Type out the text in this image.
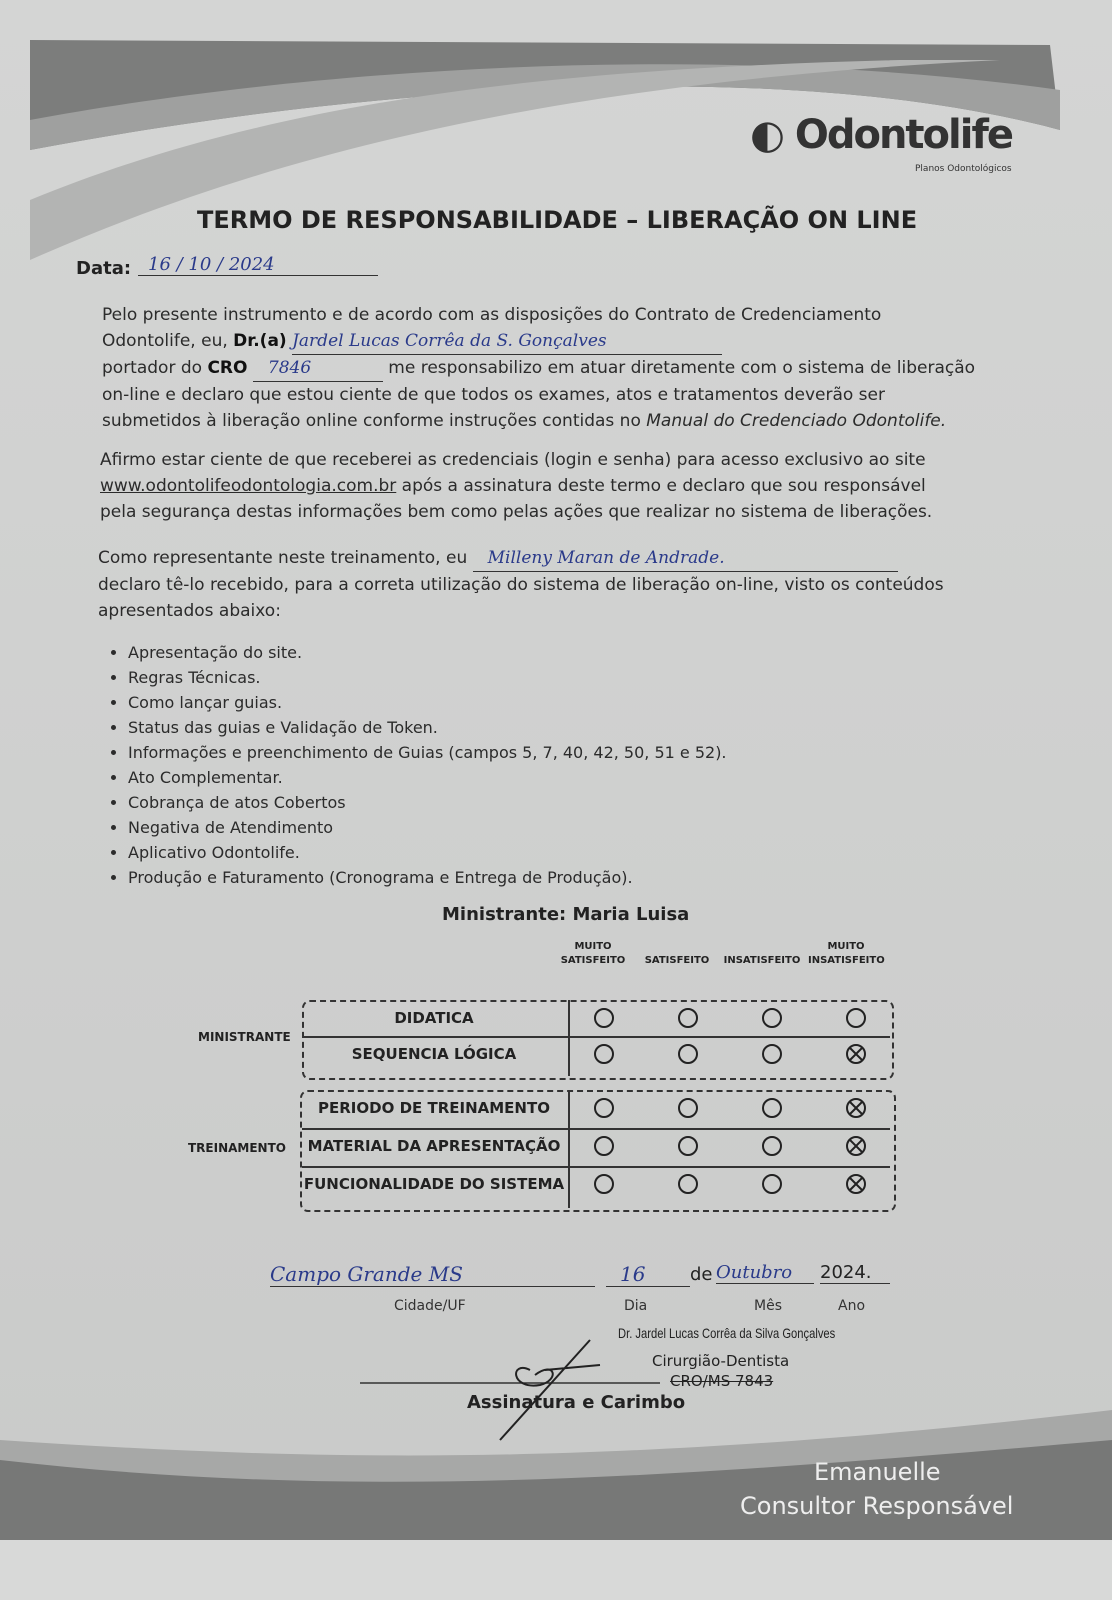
◐ Odontolife
Planos Odontológicos
TERMO DE RESPONSABILIDADE – LIBERAÇÃO ON LINE
Data: 16 / 10 / 2024
Pelo presente instrumento e de acordo com as disposições do Contrato de Credenciamento
Odontolife, eu, Dr.(a) Jardel Lucas Corrêa da S. Gonçalves
portador do CRO 7846	me responsabilizo em atuar diretamente com o sistema de liberação
on-line e declaro que estou ciente de que todos os exames, atos e tratamentos deverão ser
submetidos à liberação online conforme instruções contidas no Manual do Credenciado Odontolife.
Afirmo estar ciente de que receberei as credenciais (login e senha) para acesso exclusivo ao site
www.odontolifeodontologia.com.br após a assinatura deste termo e declaro que sou responsável
pela segurança destas informações bem como pelas ações que realizar no sistema de liberações.
Como representante neste treinamento, eu Milleny Maran de Andrade.
declaro tê-lo recebido, para a correta utilização do sistema de liberação on-line, visto os conteúdos
apresentados abaixo:
• Apresentação do site.
• Regras Técnicas.
• Como lançar guias.
• Status das guias e Validação de Token.
• Informações e preenchimento de Guias (campos 5, 7, 40, 42, 50, 51 e 52).
• Ato Complementar.
• Cobrança de atos Cobertos
• Negativa de Atendimento
• Aplicativo Odontolife.
• Produção e Faturamento (Cronograma e Entrega de Produção).
Ministrante: Maria Luisa
MUITO SATISFEITO SATISFEITO INSATISFEITO
MUITO INSATISFEITO
Campo Grande MS
Cidade/UF
16
Dia
de Outubro
Mês
2024.
Ano
Dr. Jardel Lucas Corrêa da Silva Gonçalves
Cirurgião-Dentista
CRO/MS 7843
Assinatura e Carimbo
Emanuelle
Consultor Responsável
MINISTRANTE
DIDATICA
SEQUENCIA LÓGICA
TREINAMENTO
PERIODO DE TREINAMENTO
MATERIAL DA APRESENTAÇÃO
FUNCIONALIDADE DO SISTEMA
